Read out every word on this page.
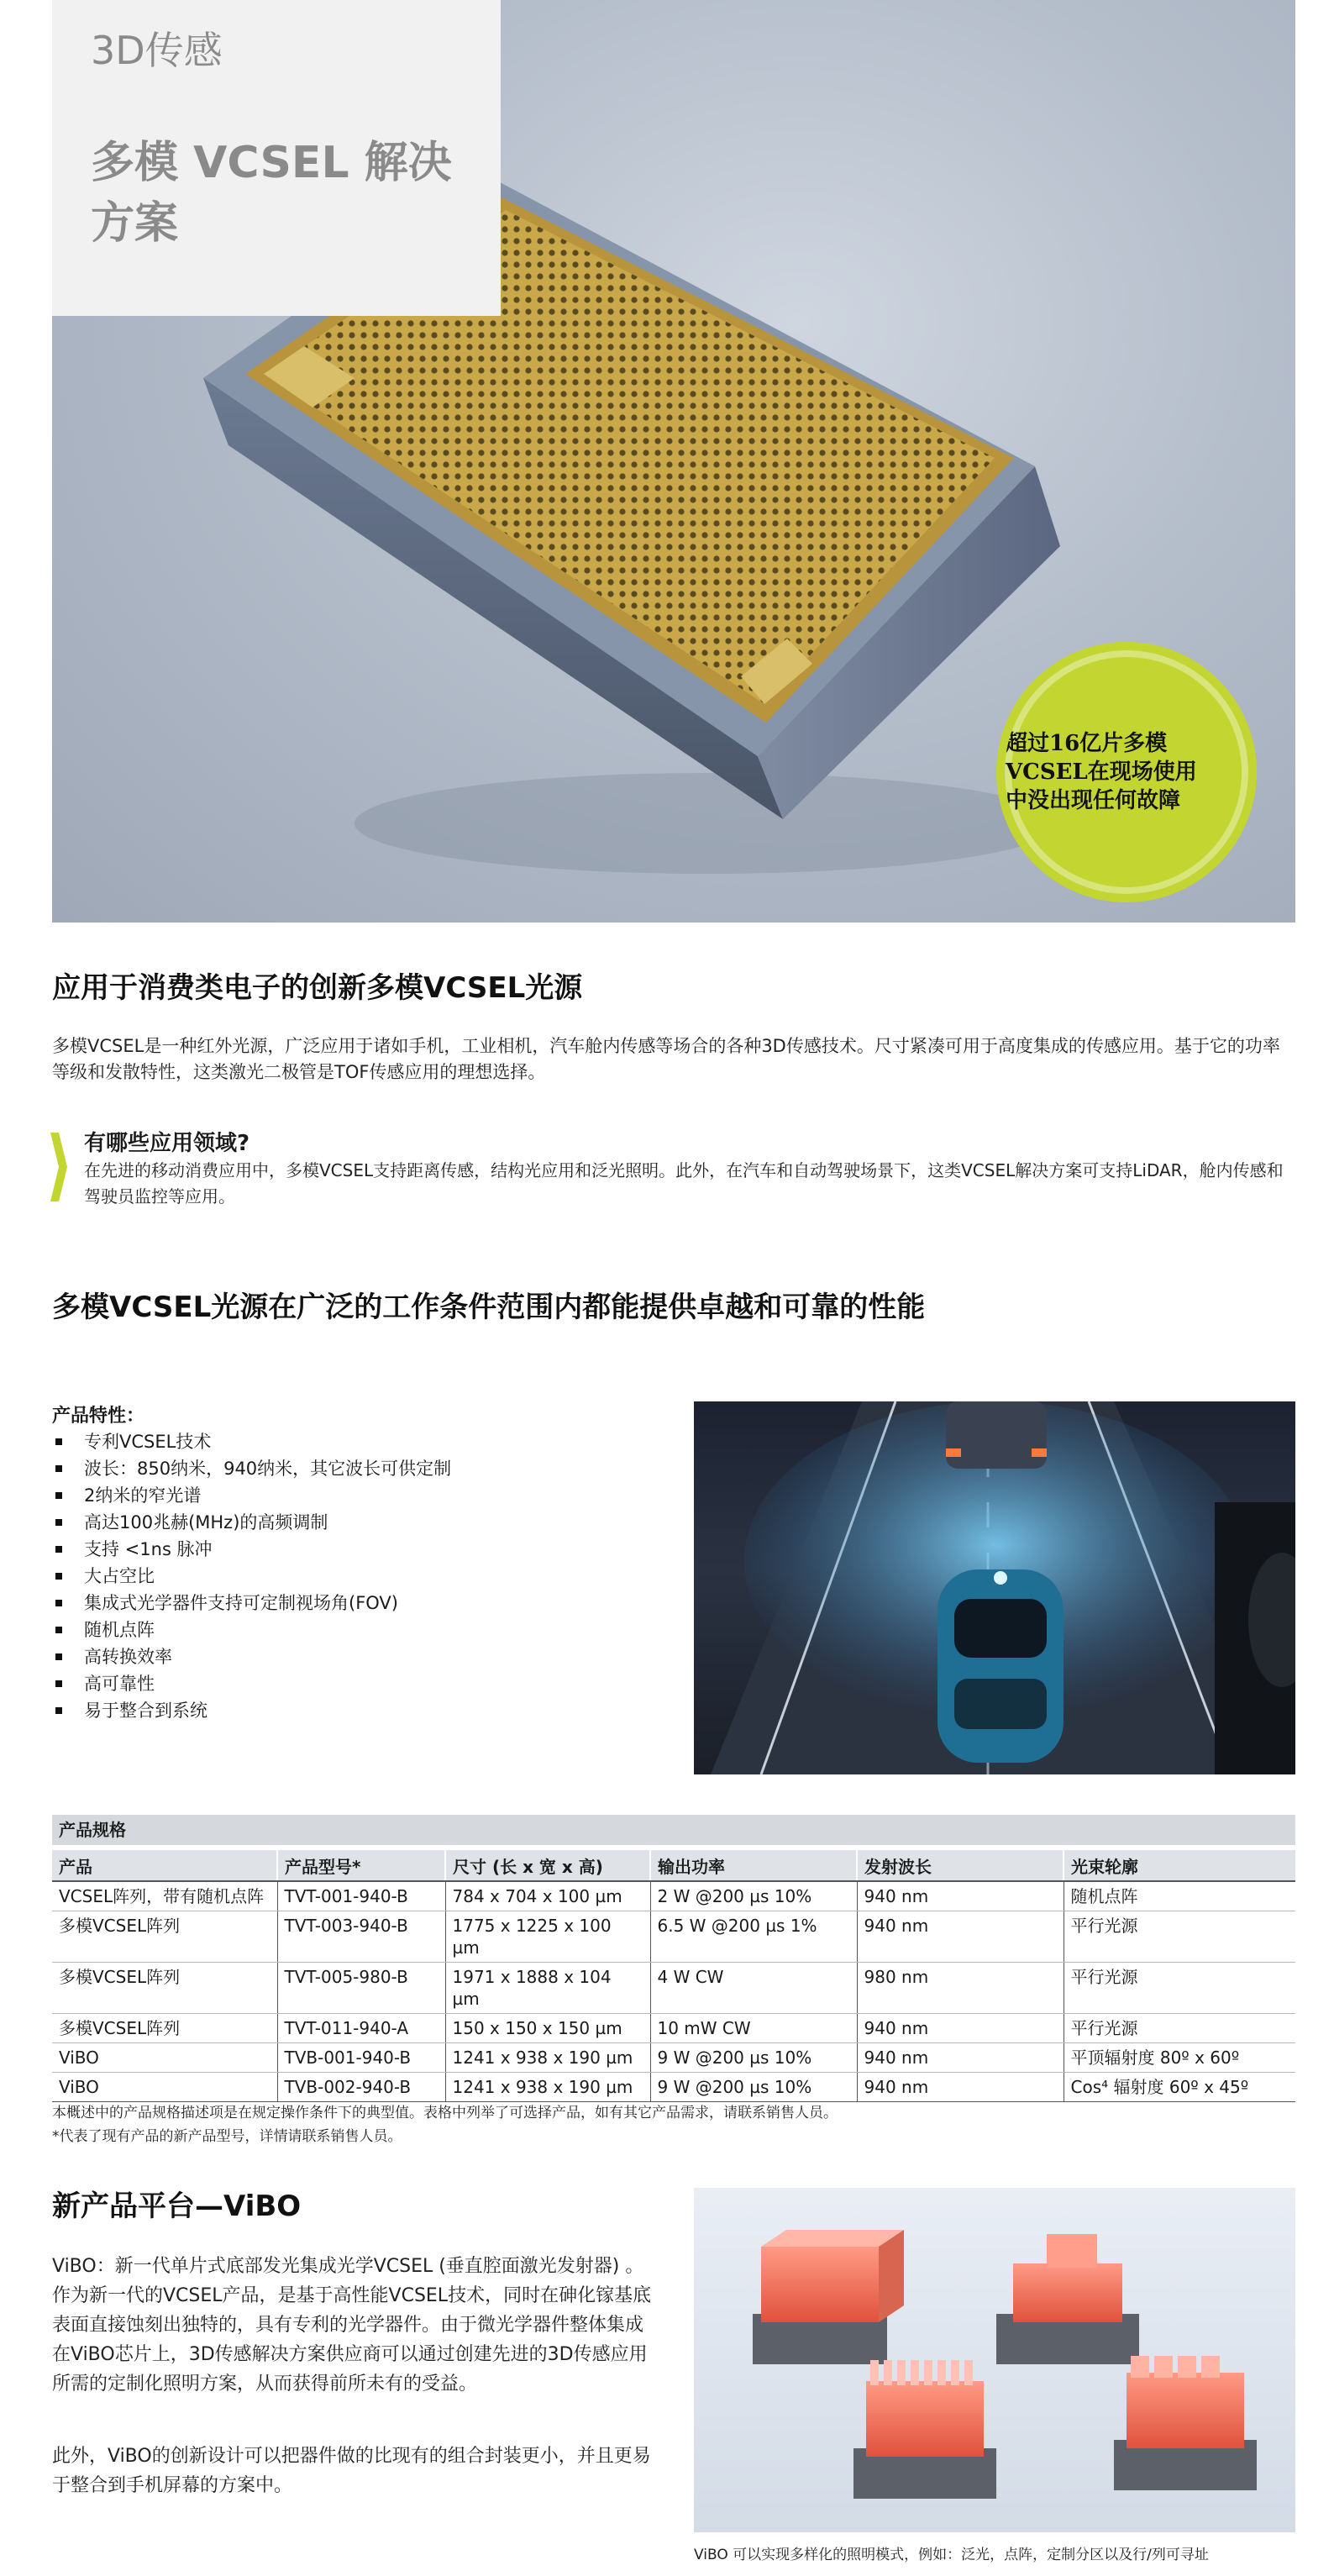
3D传感
多模 VCSEL 解决方案
超过16亿片多模VCSEL在现场使用中没出现任何故障
应用于消费类电子的创新多模VCSEL光源
多模VCSEL是一种红外光源，广泛应用于诸如手机，工业相机，汽车舱内传感等场合的各种3D传感技术。尺寸紧凑可用于高度集成的传感应用。基于它的功率等级和发散特性，这类激光二极管是TOF传感应用的理想选择。
有哪些应用领域?
在先进的移动消费应用中，多模VCSEL支持距离传感，结构光应用和泛光照明。此外，在汽车和自动驾驶场景下，这类VCSEL解决方案可支持LiDAR，舱内传感和驾驶员监控等应用。
多模VCSEL光源在广泛的工作条件范围内都能提供卓越和可靠的性能
产品特性：
专利VCSEL技术
波长：850纳米，940纳米，其它波长可供定制
2纳米的窄光谱
高达100兆赫(MHz)的高频调制
支持 <1ns 脉冲
大占空比
集成式光学器件支持可定制视场角(FOV)
随机点阵
高转换效率
高可靠性
易于整合到系统
产品规格
产品	产品型号*	尺寸 (长 x 宽 x 高)	输出功率	发射波长	光束轮廓
VCSEL阵列，带有随机点阵	TVT-001-940-B	784 x 704 x 100 µm	2 W @200 µs 10%	940 nm	随机点阵
多模VCSEL阵列	TVT-003-940-B	1775 x 1225 x 100 µm	6.5 W @200 µs 1%	940 nm	平行光源
多模VCSEL阵列	TVT-005-980-B	1971 x 1888 x 104 µm	4 W CW	980 nm	平行光源
多模VCSEL阵列	TVT-011-940-A	150 x 150 x 150 µm	10 mW CW	940 nm	平行光源
ViBO	TVB-001-940-B	1241 x 938 x 190 µm	9 W @200 µs 10%	940 nm	平顶辐射度 80º x 60º
ViBO	TVB-002-940-B	1241 x 938 x 190 µm	9 W @200 µs 10%	940 nm	Cos⁴ 辐射度 60º x 45º
本概述中的产品规格描述项是在规定操作条件下的典型值。表格中列举了可选择产品，如有其它产品需求，请联系销售人员。
*代表了现有产品的新产品型号，详情请联系销售人员。
新产品平台—ViBO
ViBO：新一代单片式底部发光集成光学VCSEL (垂直腔面激光发射器) 。作为新一代的VCSEL产品，是基于高性能VCSEL技术，同时在砷化镓基底表面直接蚀刻出独特的，具有专利的光学器件。由于微光学器件整体集成在ViBO芯片上，3D传感解决方案供应商可以通过创建先进的3D传感应用所需的定制化照明方案，从而获得前所未有的受益。
此外，ViBO的创新设计可以把器件做的比现有的组合封装更小，并且更易于整合到手机屏幕的方案中。
ViBO 可以实现多样化的照明模式，例如：泛光，点阵，定制分区以及行/列可寻址
